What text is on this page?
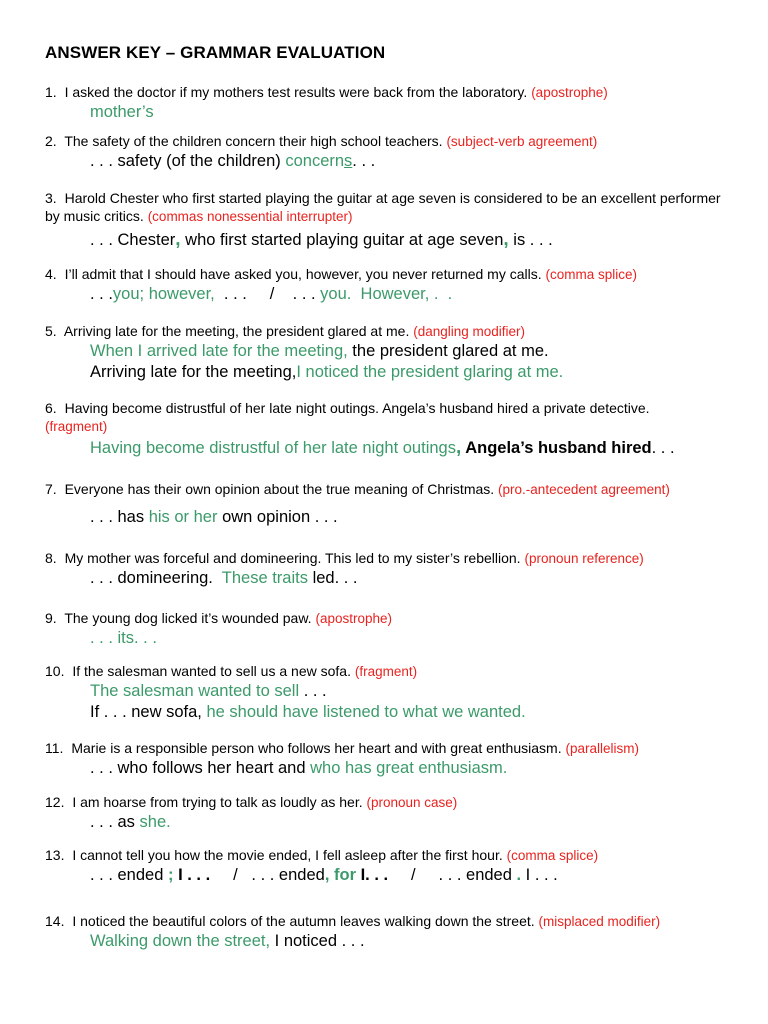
ANSWER KEY – GRAMMAR EVALUATION

1. I asked the doctor if my mothers test results were back from the laboratory. (apostrophe)

mother’s

2. The safety of the children concern their high school teachers. (subject-verb agreement)

. . . safety (of the children) concerns. . .

3. Harold Chester who first started playing the guitar at age seven is considered to be an excellent performer by music critics. (commas nonessential interrupter)

. . . Chester, who first started playing guitar at age seven, is . . .

4. I’ll admit that I should have asked you, however, you never returned my calls. (comma splice)

. . .you; however,  . . .     /    . . . you.  However, .  .

5. Arriving late for the meeting, the president glared at me. (dangling modifier)

When I arrived late for the meeting, the president glared at me.

Arriving late for the meeting,I noticed the president glaring at me.

6. Having become distrustful of her late night outings. Angela’s husband hired a private detective.

(fragment)

Having become distrustful of her late night outings, Angela’s husband hired. . .

7. Everyone has their own opinion about the true meaning of Christmas. (pro.-antecedent agreement)

. . . has his or her own opinion . . .

8. My mother was forceful and domineering. This led to my sister’s rebellion. (pronoun reference)

. . . domineering.  These traits led. . .

9. The young dog licked it’s wounded paw. (apostrophe)

. . . its. . .

10. If the salesman wanted to sell us a new sofa. (fragment)

The salesman wanted to sell . . .

If . . . new sofa, he should have listened to what we wanted.

11. Marie is a responsible person who follows her heart and with great enthusiasm. (parallelism)

. . . who follows her heart and who has great enthusiasm.

12. I am hoarse from trying to talk as loudly as her. (pronoun case)

. . . as she.

13. I cannot tell you how the movie ended, I fell asleep after the first hour. (comma splice)

. . . ended ; I . . .     /   . . . ended, for I. . .     /     . . . ended . I . . .

14. I noticed the beautiful colors of the autumn leaves walking down the street. (misplaced modifier)

Walking down the street, I noticed . . .
